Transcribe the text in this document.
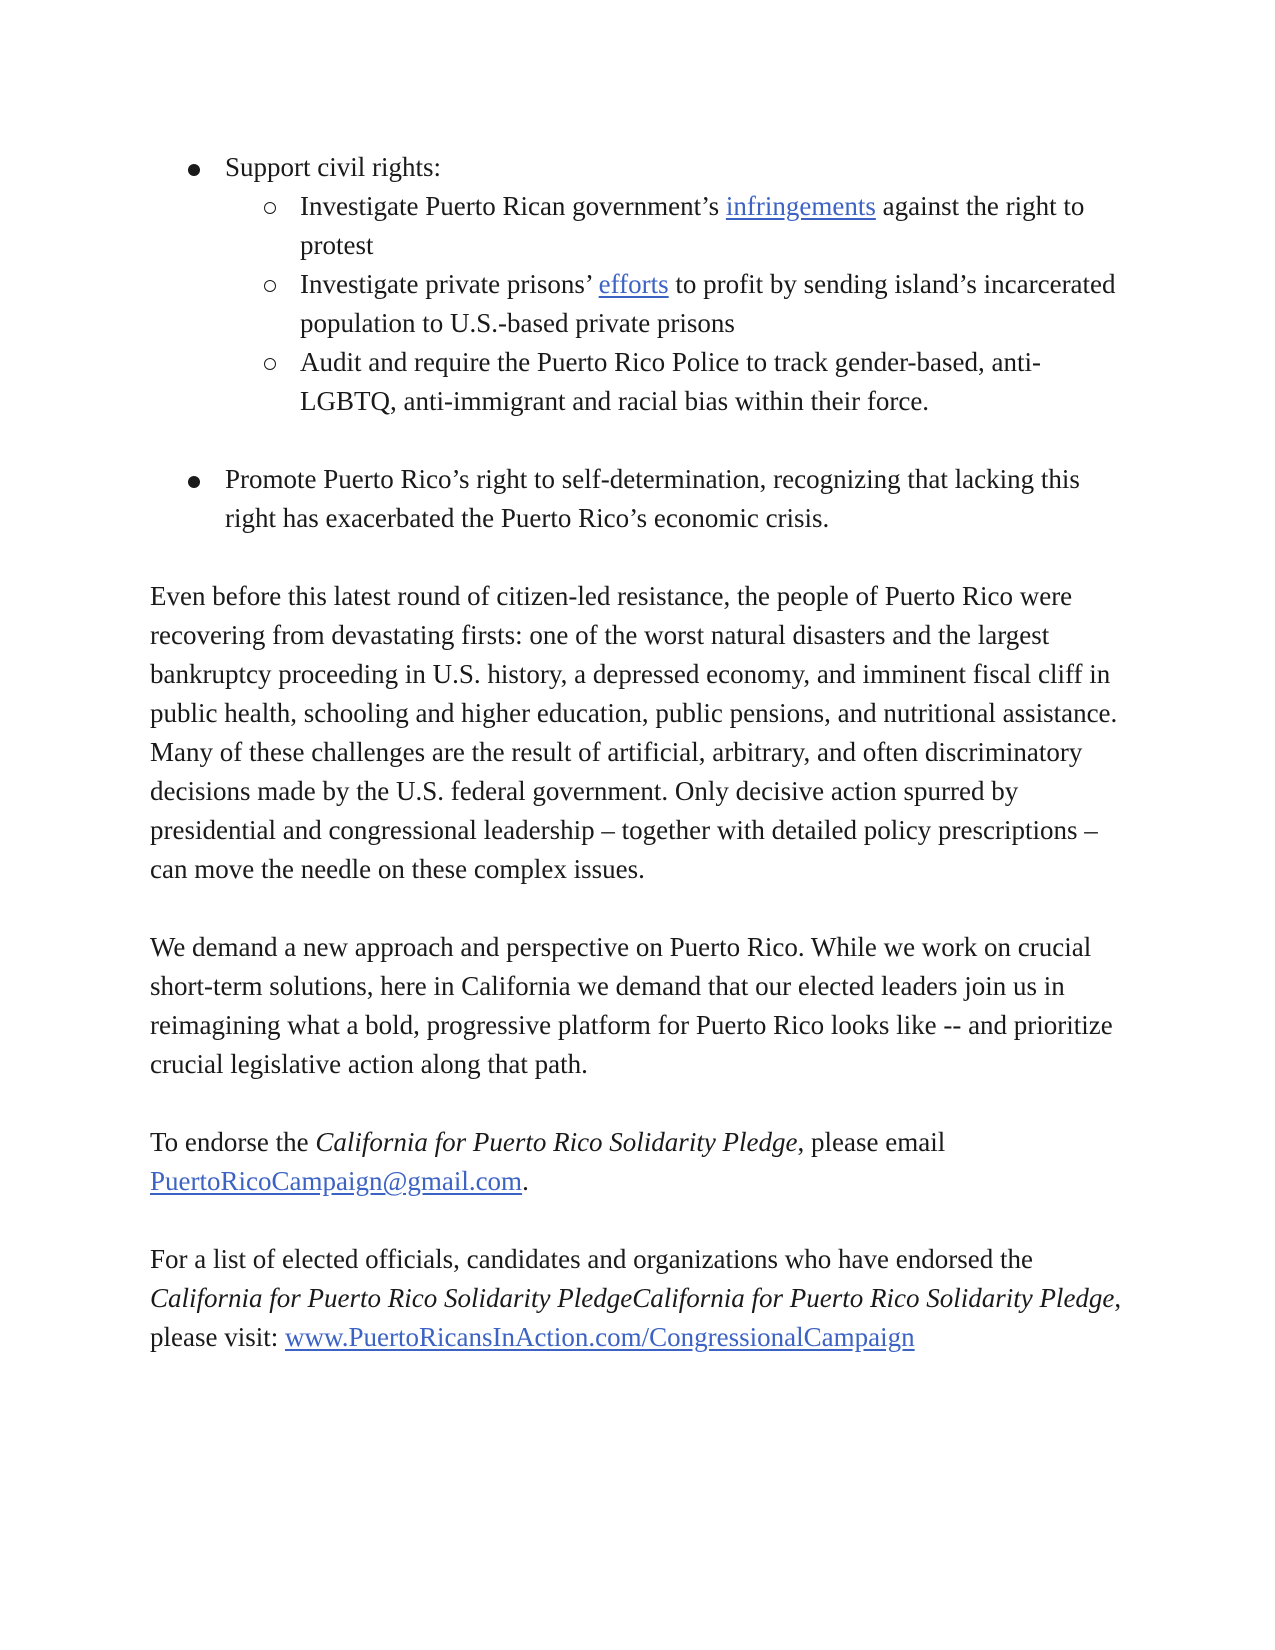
Support civil rights:
Investigate Puerto Rican government’s infringements against the right to protest
Investigate private prisons’ efforts to profit by sending island’s incarcerated population to U.S.-based private prisons
Audit and require the Puerto Rico Police to track gender-based, anti-LGBTQ, anti-immigrant and racial bias within their force.
Promote Puerto Rico’s right to self-determination, recognizing that lacking this right has exacerbated the Puerto Rico’s economic crisis.

Even before this latest round of citizen-led resistance, the people of Puerto Rico were recovering from devastating firsts: one of the worst natural disasters and the largest bankruptcy proceeding in U.S. history, a depressed economy, and imminent fiscal cliff in public health, schooling and higher education, public pensions, and nutritional assistance. Many of these challenges are the result of artificial, arbitrary, and often discriminatory decisions made by the U.S. federal government. Only decisive action spurred by presidential and congressional leadership – together with detailed policy prescriptions – can move the needle on these complex issues.

We demand a new approach and perspective on Puerto Rico. While we work on crucial short-term solutions, here in California we demand that our elected leaders join us in reimagining what a bold, progressive platform for Puerto Rico looks like -- and prioritize crucial legislative action along that path.

To endorse the California for Puerto Rico Solidarity Pledge, please email
PuertoRicoCampaign@gmail.com.

For a list of elected officials, candidates and organizations who have endorsed the
California for Puerto Rico Solidarity PledgeCalifornia for Puerto Rico Solidarity Pledge, please visit: www.PuertoRicansInAction.com/CongressionalCampaign
